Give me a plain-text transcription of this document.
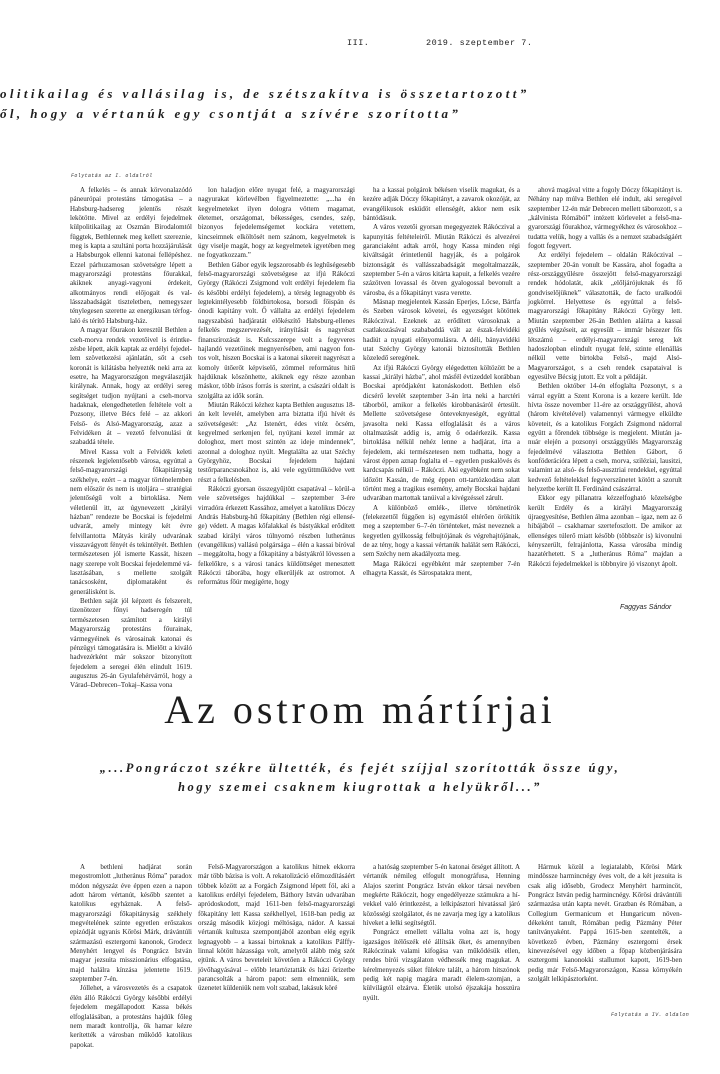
III.	2019. szeptember 7.
olitikailag és vallásilag is, de szétszakítva is összetartozott”
ől, hogy a vértanúk egy csontját a szívére szorította”
Folytatás az I. oldalról

A felkelés – és annak körvonalazódó páneurópai protestáns támogatása – a Habsburg-hadsereg jelentős részét lekötötte. Mivel az erdélyi fejedelmek külpolitikailag az Oszmán Birodalomtól függtek, Bethlennek meg kellett szereznie, meg is kapta a szultáni porta hozzájárulását a Habsburgok ellenni katonai fellépéshez. Ezzel párhuzamosan szövetségre lépett a magyarországi protestáns főurakkal, akiknek anyagi-vagyoni érdekeit, alkotmányos rendi előjogait és vallásszabadságát tiszteletben, nemegyszer ténylegesen szerette az energikusan térfoglaló és térítő Habsburg-ház.

A magyar főurakon keresztül Bethlen a cseh-morva rendek vezetőivel is érintkezésbe lépett, akik kaptak az erdélyi fejedellem szövetkezési ajánlatán, sőt a cseh koronát is kilátásba helyezték neki arra az esetre, ha Magyarországon megválasztják királynak. Annak, hogy az erdélyi sereg segítséget tudjon nyújtani a cseh-morva hadaknak, elengedhetetlen feltétele volt a Pozsony, illetve Bécs felé – az akkori Felső- és Alsó-Magyarország, azaz a Felvidéken át – vezető felvonulási út szabaddá tétele.

Mivel Kassa volt a Felvidék keleti részenek legjelentősebb városa, egyúttal a felső-magyarországi főkapitányság székhelye, ezért – a magyar történelemben nem először és nem is utoljára – stratégiai jelentőségű volt a birtoklása. Nem véletlenül itt, az úgynevezett „királyi házban” rendezte be Bocskai is fejedelmi udvarát, amely mintegy két évre felvillantotta Mátyás király udvarának visszavágyott fényét és tekintélyét. Bethlen természetesen jól ismerte Kassát, hiszen nagy szerepe volt Bocskai fejedelemmé választásában, s mellette szolgált tanácsosként, diplomataként és generálisként is.

Bethlen saját jól képzett és felszerelt, tizenötezer főnyi hadseregén túl természetesen számított a királyi Magyarország protestáns főurainak, vármegyéinek és városainak katonai és pénzügyi támogatására is. Mielőtt a kiváló hadvezérként már sokszor bizonyított fejedelem a seregei élén elindult 1619. augusztus 26-án Gyulafehérvárról, hogy a Várad–Debrecen–Tokaj–Kassa vona

lon haladjon előre nyugat felé, a magyarországi nagyurakat körlevélben figyelmeztette: „...ha én kegyelmeteket ilyen dologra vöttem magamat, életemet, országomat, békességes, csendes, szép, bizonyos fejedelemségemet kockára vetettem, kincseimnek elköltösét nem szánom, kegyelmetek is úgy viselje magát, hogy az kegyelmetek igyetében meg ne fogyatkozzam.”

Bethlen Gábor egyik legszorosabb és leghűségesebb felső-magyarországi szövetségese az ifjú Rákóczi György (Rákóczi Zsigmond volt erdélyi fejedelem fia és későbbi erdélyi fejedelem), a térség legnagyobb és legtekintélyesebb földbirtokosa, borsodi főispán és ónodi kapitány volt. Ő vállalta az erdélyi fejedelem nagyszabású hadjáratát előkészítő Habsburg-ellenes felkelés megszervezését, irányítását és nagyrészt finanszírozását is. Kulcsszerepe volt a fegyveres hajlandó vezetőinek megnyerésében, ami nagyon fontos volt, hiszen Bocskai is a katonai sikereit nagyrészt a komoly ütőerőt képviselő, zömmel református hitű hajdúknak köszönhette, akiknek egy része azonban máskor, több írásos forrás is szerint, a császári oldalt is szolgálta az idők során.

Miután Rákóczi kézhez kapta Bethlen augusztus 18-án kelt levelét, amelyben arra biztatta ifjú hívét és szövetségesét: „Az Istenért, édes vitéz öcsém, kegyelmed serkenjen fel, nyújtani kezel immár az dologhoz, mert most szintén az ideje mindennek”, azonnal a dologhoz nyúlt. Megtalálta az utat Széchy Györgyhöz, Bocskai fejedelem hajdani testőrparancsnokához is, aki vele együttműködve vett részt a felkelésben.

Rákóczi gyorsan összegyűjtött csapatával – körül-a vele szövetséges hajdúkkal – szeptember 3-ére virradóra érkezett Kassához, amelyet a katolikus Dóczy András Habsburg-hű főkapitány (Bethlen régi ellensége) védett. A magas kőfalakkal és bástyákkal erődített szabad királyi város túlnyomó részben lutheránus (evangélikus) vallású polgársága – élén a kassai bíróval – meggátolta, hogy a főkapitány a bástyákról lövessen a felkelőkre, s a városi tanács küldöttséget menesztett Rákóczi táborába, hogy elkerüljék az ostromot. A református főúr megígérte, hogy

ha a kassai polgárok békésen viselik magukat, és a kezére adják Dóczy főkapitányt, a zavarok okozóját, az evangélikusok esküdöt ellenségét, akkor nem esik bántódásuk.

A város vezetői gyorsan megegyeztek Rákóczival a kapunyitás feltételeiről. Miután Rákóczi és alvezérei garanciaként adtak arról, hogy Kassa minden régi kiváltságát érintetlenül hagyják, és a polgárok biztonságát és vallásszabadságát megoltalmazzák, szeptember 5-én a város kitárta kapuit, a felkelés vezére százötven lovassal és ötven gyalogossal bevonult a városba, és a főkapitányt vasra verette.

Másnap megjelentek Kassán Eperjes, Lőcse, Bártfa és Szeben városok követei, és egyezséget kötöttek Rákóczival. Ezeknek az erődített városoknak a csatlakozásával szababaddá vált az észak-felvidéki hadiút a nyugati előnyomulásra. A déli, bányavidéki utat Széchy György katonái biztosították Bethlen közeledő seregének.

Az ifjú Rákóczi György elégedetten költözött be a kassai „királyi házba”, ahol másfél évtizeddel korábban Bocskai apródjaként katonáskodott. Bethlen első dicsérő levelét szeptember 3-án írta neki a harctéri táborból, amikor a felkelés kirobbanásáról értesült. Mellette szövetségese önteveknyeségét, egyúttal javasolta neki Kassa elfoglalását és a város oltalmazását addig is, amíg ő odaérkezik. Kassa birtoklása nélkül nehéz lenne a hadjárat, írta a fejedelem, aki természetesen nem tudhatta, hogy a várost éppen aznap foglalta el – egyetlen puskalövés és kardcsapás nélkül – Rákóczi. Aki egyébként nem sokat időzött Kassán, de még éppen ott-tartózkodása alatt történt meg a tragikus esemény, amely Bocskai hajdani udvarában martottak tanúival a kivégzéssel zárult.

A különböző emlék-, illetve történetírók (felekezettől függően is) egymástól eltérően örökítik meg a szeptember 6–7-én történteket, mást neveznek a kegyetlen gyilkosság felbujtójának és végrehajtójának, de az tény, hogy a kassai vértanúk halálát sem Rákóczi, sem Széchy nem akadályozta meg.

Maga Rákóczi egyébként már szeptember 7-én elhagyta Kassát, és Sárospatakra ment,

ahová magával vitte a fogoly Dóczy főkapitányt is. Néhány nap múlva Bethlen elé indult, aki seregével szeptember 12-én már Debrecen mellett táborozott, s a „kálvinista Rómából” intézett körlevelet a felső-magyarországi főurakhoz, vármegyékhez és városokhoz – tudatta velük, hogy a vallás és a nemzet szabadságáért fogott fegyvert.

Az erdélyi fejedelem – oldalán Rákóczival – szeptember 20-án vonult be Kassára, ahol fogadta a rész-országgyűlésre összejött felső-magyarországi rendek hódolatát, akik „előljárójuknak és fő gondviselőjüknek” választották, de facto uralkodói jogkörrel. Helyettese és egyúttal a felső-magyarországi főkapitány Rákóczi György lett. Miután szeptember 26-án Bethlen aláírta a kassai gyűlés végzéseit, az egyesült – immár hészezer fős létszámú – erdélyi-magyarországi sereg két hadoszlopban elindult nyugat felé, szinte ellenállás nélkül vette birtokba Felső-, majd Alsó-Magyarországot, s a cseh rendek csapataival is egyesülve Bécsig jutott. Ez volt a példáját.

Bethlen október 14-én elfoglalta Pozsonyt, s a várral együtt a Szent Korona is a kezere került. Ide hívta össze november 11-ére az országgyűlést, ahová (három kivételével) valamennyi vármegye elküldte követeit, és a katolikus Forgách Zsigmond nádorral együtt a főrendek többsége is megjelent. Miután január elején a pozsonyi országgyűlés Magyarország fejedelmévé választotta Bethlen Gábort, ő konföderációra lépett a cseh, morva, sziléziai, lausitzi, valamint az alsó- és felső-ausztriai rendekkel, egyúttal kedvező feltételekkel fegyverszünetet kötött a szorult helyzetbe került II. Ferdinánd császárral.

Ekkor egy pillanatra kézzelfogható közelségbe került Erdély és a királyi Magyarország újraegyesítése, Bethlen álma azonban – igaz, nem az ő hibájából – csakhamar szertefoszlott. De amikor az ellenséges túlerő miatt később (többször is) kivonulni kényszerült, felrajánlotta, Kassa városába mindig hazatérhetett. S a „lutheránus Róma” majdan a Rákóczi fejedelmekkel is többnyire jó viszonyt ápolt.

Faggyas Sándor
Az ostrom mártírjai
„...Pongráczot székre ültették, és fejét szíjjal szorították össze úgy,
hogy szemei csaknem kiugrottak a helyükről...”

A bethleni hadjárat során megostromlott „lutheránus Róma” paradox módon négyszáz éve éppen ezen a napon adott három vértanút, később szentet a katolikus egyháznak. A felső-magyarországi főkapitányság székhely megvételének szinte egyetlen erőszakos epizódját ugyanis Kőrösi Márk, drávántúli származású esztergomi kanonok, Grodecz Menyhért lengyel és Pongrácz István magyar jezsuita misszionárius elfogatása, majd halálra kínzása jelentette 1619. szeptember 7-én.

Jóllehet, a városvezetés és a csapatok élén álló Rákóczi György későbbi erdélyi fejedelem megállapodott Kassa békés elfoglalásában, a protestáns hajdúk főleg nem maradt kontrollja, ők hamar kézre kerítették a városban működő katolikus papokat.

Felső-Magyarországon a katolikus hitnek ekkorra már több bázisa is volt. A rekatolizáció előmozdításáért többek között az a Forgách Zsigmond lépett föl, aki a katolikus erdélyi fejedelem, Báthory István udvarában apródoskodott, majd 1611-ben felső-magyarországi főkapitány lett Kassa székhellyel, 1618-ban pedig az ország második közjogi méltósága, nádor. A kassai vértanúk kultusza szempontjából azonban elég egyik legnagyobb – a kassai birtoknak a katolikus Pálffy-linnal kötött házassága volt, amelyről alább még szót ejtünk. A város beveteleit követően a Rákóczi György jövőhagyásával – előbb letartóztatták és házi őrizetbe parancsolták a három papot: sem elmenniük, sem üzenetet küldeniük nem volt szabad, lakásuk köré

a hatóság szeptember 5-én katonai őrséget állított. A vértanúk némileg elfogult monográfusa, Henning Alajos szerint Pongrácz István ekkor társai nevében megkérte Rákóczit, hogy engedélyezze számukra a hívekkel való érintkezést, a lelkipásztori hivatással járó közösségi szolgálatot, és ne zavarja meg így a katolikus híveket a lelki segítségtől.

Pongrácz emellett vállalta volna azt is, hogy igazságos ítélőszék elé állítsák őket, és amennyiben Rákóczinak valami kifogása van működésük ellen, rendes bírói vizsgálaton védhessék meg magukat. A kérelmenyezés süket fülekre talált, a három hitszónok pedig két napig magára maradt élelem-szomjan, a külvilágtól elzárva. Életük utolsó éjszakája hosszúra nyúlt.

Hármuk közül a legiatalabb, Kőrösi Márk mindössze harmincnégy éves volt, de a két jezsuita is csak alig idősebb, Grodecz Menyhért harmincöt, Pongrácz István pedig harmincnégy. Kőrösi drávántúli származása után kapta nevét. Grazban és Rómában, a Collegium Germanicum et Hungaricum növendékeként tanult, Rómában pedig Pázmány Péter tanítványaként. Pappá 1615-ben szentelték, a következő évben, Pázmány esztergomi érsek kinevezésével egy időben a főpap közbenjárására esztergomi kanonokki stallumot kapott, 1619-ben pedig már Felső-Magyarországon, Kassa környékén szolgált lelkipásztorként.

Folytatás a IV. oldalon
